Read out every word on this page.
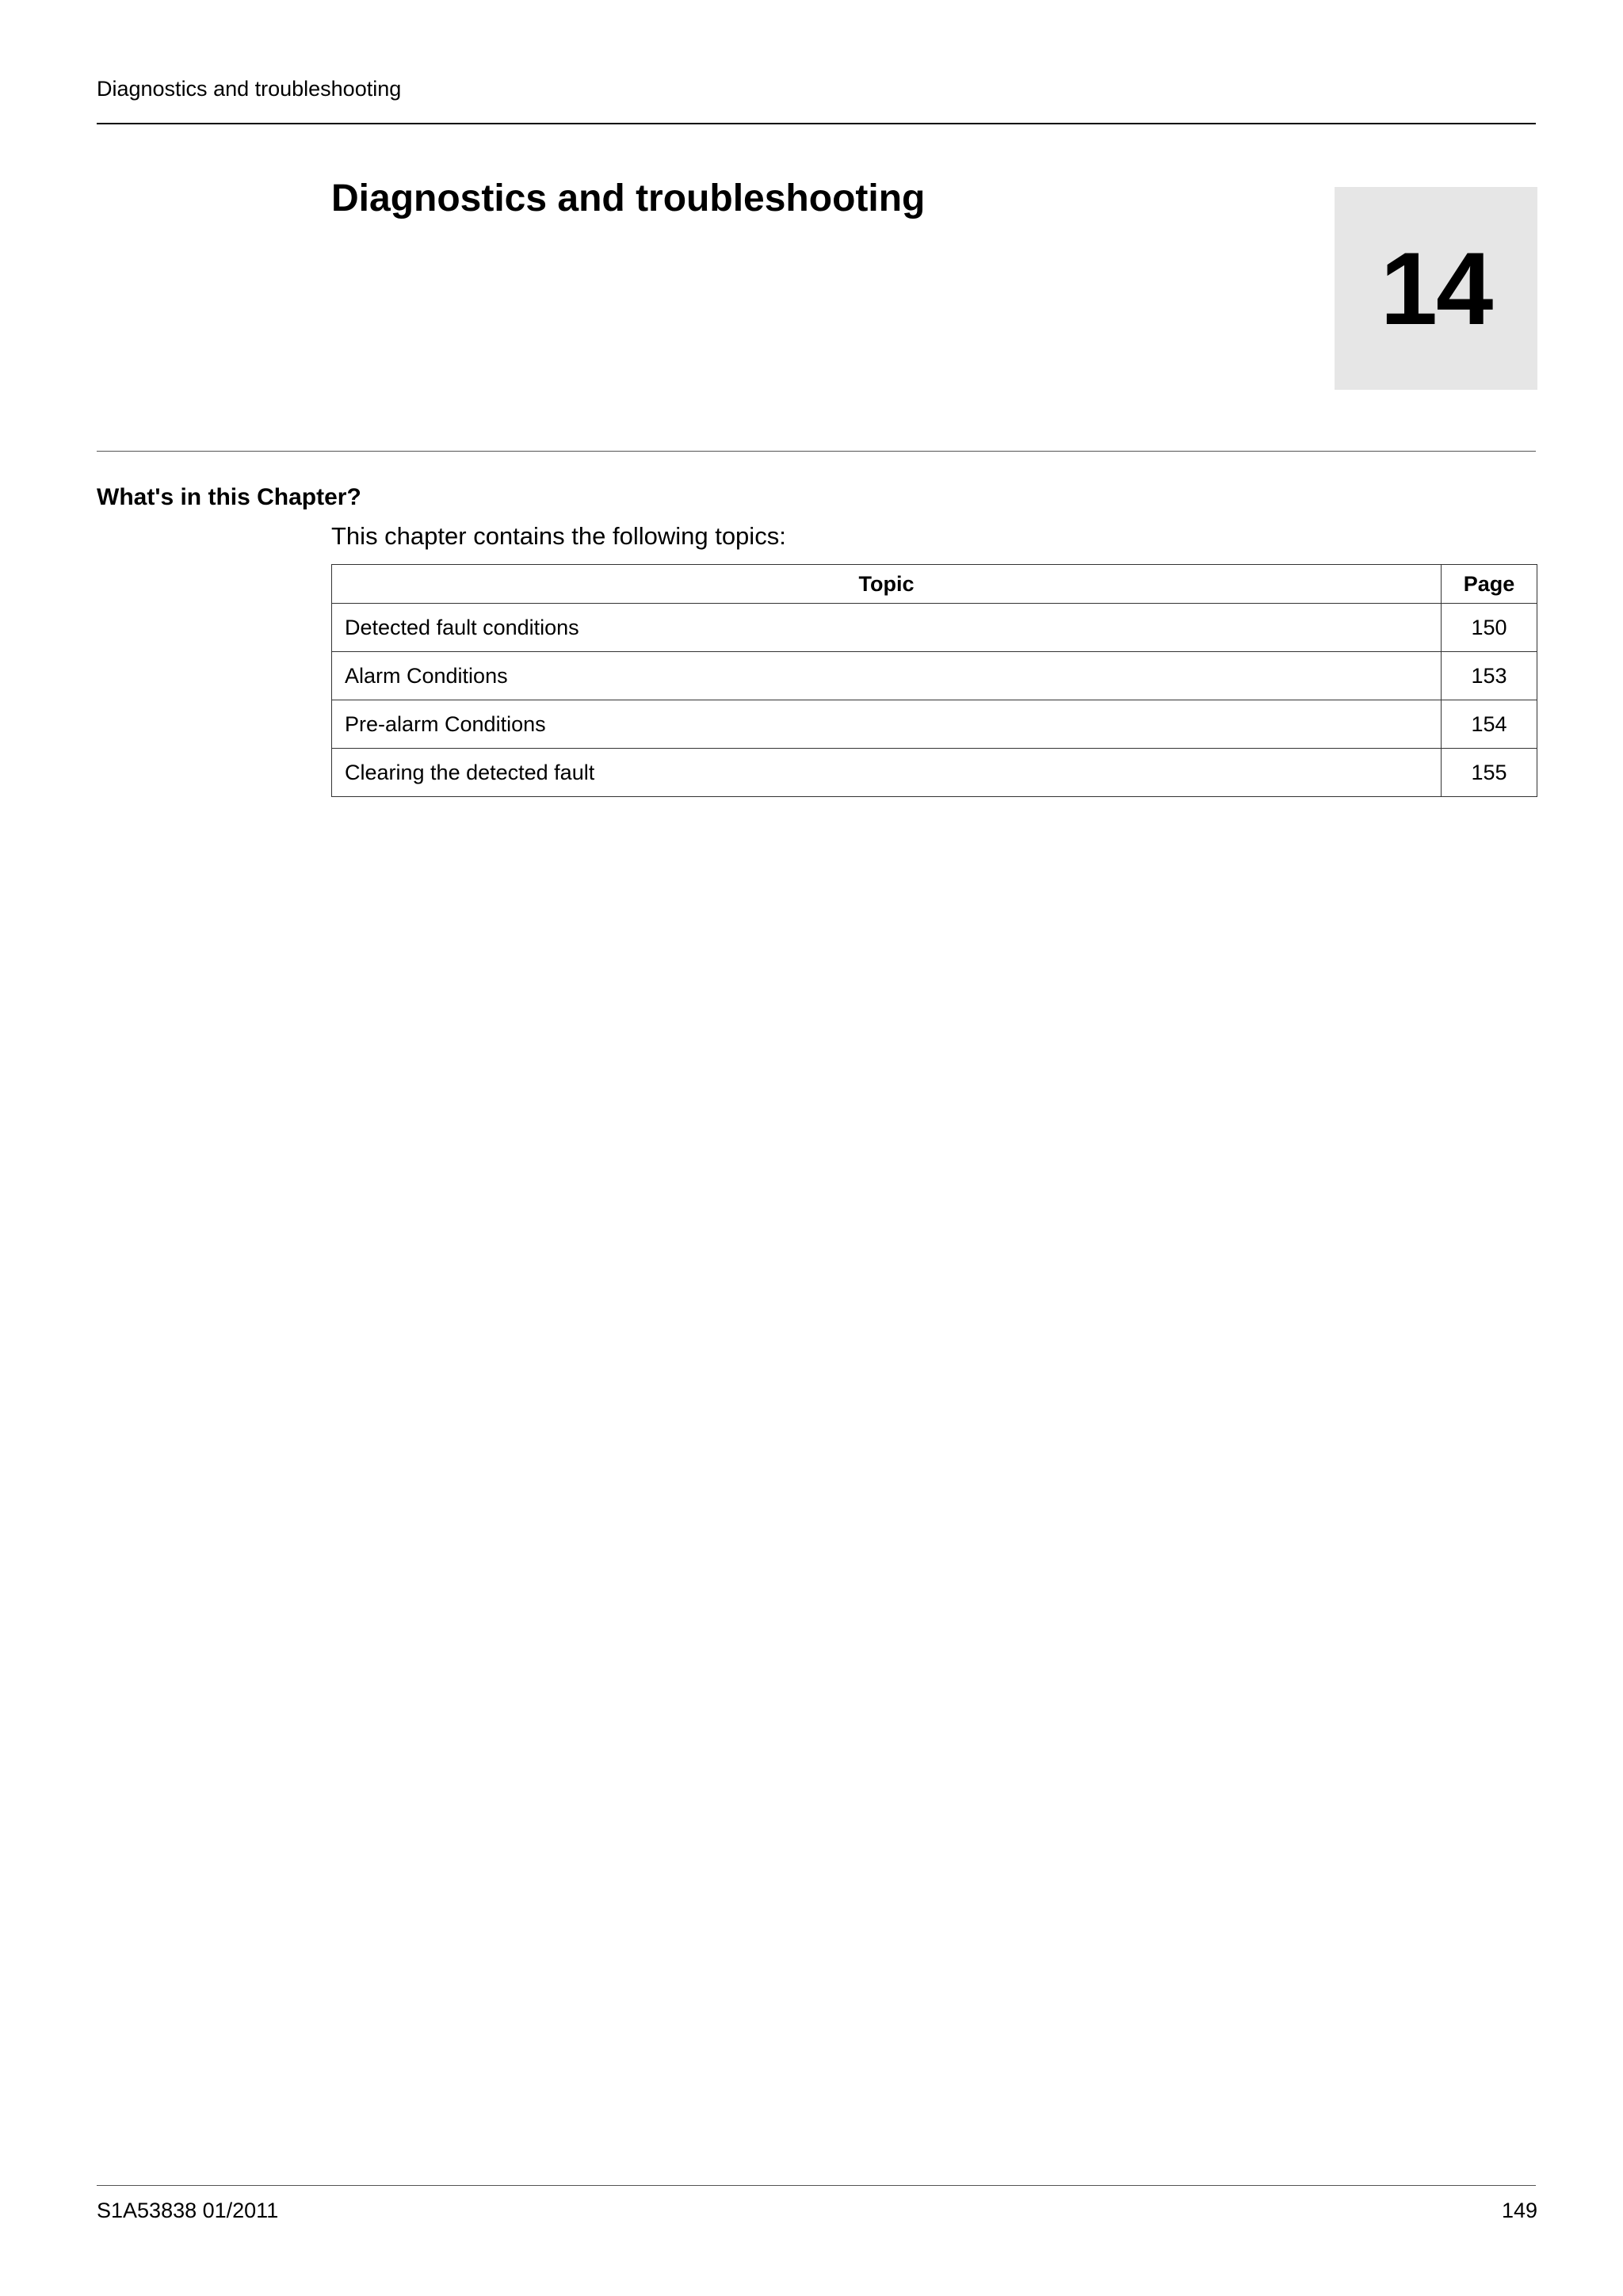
Diagnostics and troubleshooting
Diagnostics and troubleshooting
14
What's in this Chapter?

This chapter contains the following topics:

Topic	Page
Detected fault conditions	150
Alarm Conditions	153
Pre-alarm Conditions	154
Clearing the detected fault	155
S1A53838 01/2011	149
